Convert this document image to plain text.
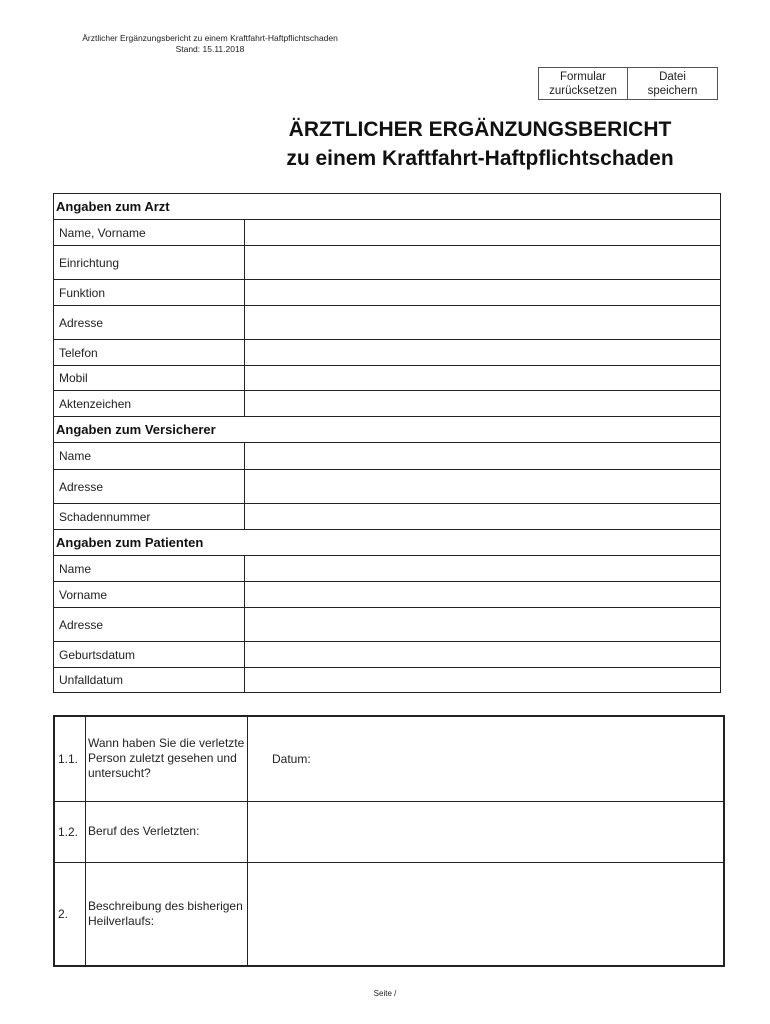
Ärztlicher Ergänzungsbericht zu einem Kraftfahrt-Haftpflichtschaden
Stand: 15.11.2018
Formular
zurücksetzen
Datei
speichern
ÄRZTLICHER ERGÄNZUNGSBERICHT
zu einem Kraftfahrt-Haftpflichtschaden
Angaben zum Arzt	
Name, Vorname	
Einrichtung	
Funktion	
Adresse	
Telefon	
Mobil	
Aktenzeichen	
Angaben zum Versicherer	
Name	
Adresse	
Schadennummer	
Angaben zum Patienten	
Name	
Vorname	
Adresse	
Geburtsdatum	
Unfalldatum	
1.1.	Wann haben Sie die verletzte Person zuletzt gesehen und untersucht?	Datum:
1.2.	Beruf des Verletzten:	
2.	Beschreibung des bisherigen Heilverlaufs:	
Seite /
